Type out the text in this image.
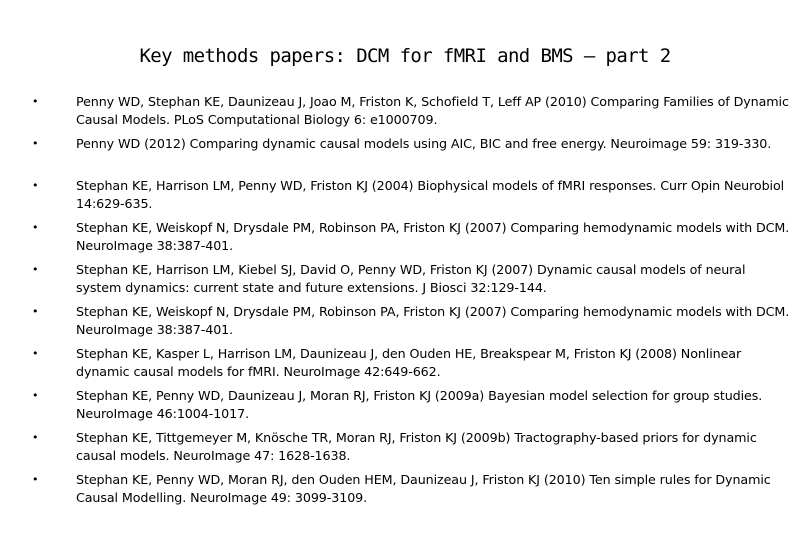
Key methods papers: DCM for fMRI and BMS – part 2
•	Penny WD, Stephan KE, Daunizeau J, Joao M, Friston K, Schofield T, Leff AP (2010) Comparing Families of Dynamic Causal Models. PLoS Computational Biology 6: e1000709.
•	Penny WD (2012) Comparing dynamic causal models using AIC, BIC and free energy. Neuroimage 59: 319-330.
•	Stephan KE, Harrison LM, Penny WD, Friston KJ (2004) Biophysical models of fMRI responses. Curr Opin Neurobiol 14:629-635.
•	Stephan KE, Weiskopf N, Drysdale PM, Robinson PA, Friston KJ (2007) Comparing hemodynamic models with DCM. NeuroImage 38:387-401.
•	Stephan KE, Harrison LM, Kiebel SJ, David O, Penny WD, Friston KJ (2007) Dynamic causal models of neural system dynamics: current state and future extensions. J Biosci 32:129-144.
•	Stephan KE, Weiskopf N, Drysdale PM, Robinson PA, Friston KJ (2007) Comparing hemodynamic models with DCM. NeuroImage 38:387-401.
•	Stephan KE, Kasper L, Harrison LM, Daunizeau J, den Ouden HE, Breakspear M, Friston KJ (2008) Nonlinear dynamic causal models for fMRI. NeuroImage 42:649-662.
•	Stephan KE, Penny WD, Daunizeau J, Moran RJ, Friston KJ (2009a) Bayesian model selection for group studies. NeuroImage 46:1004-1017.
•	Stephan KE, Tittgemeyer M, Knösche TR, Moran RJ, Friston KJ (2009b) Tractography-based priors for dynamic causal models. NeuroImage 47: 1628-1638.
•	Stephan KE, Penny WD, Moran RJ, den Ouden HEM, Daunizeau J, Friston KJ (2010) Ten simple rules for Dynamic Causal Modelling. NeuroImage 49: 3099-3109.
